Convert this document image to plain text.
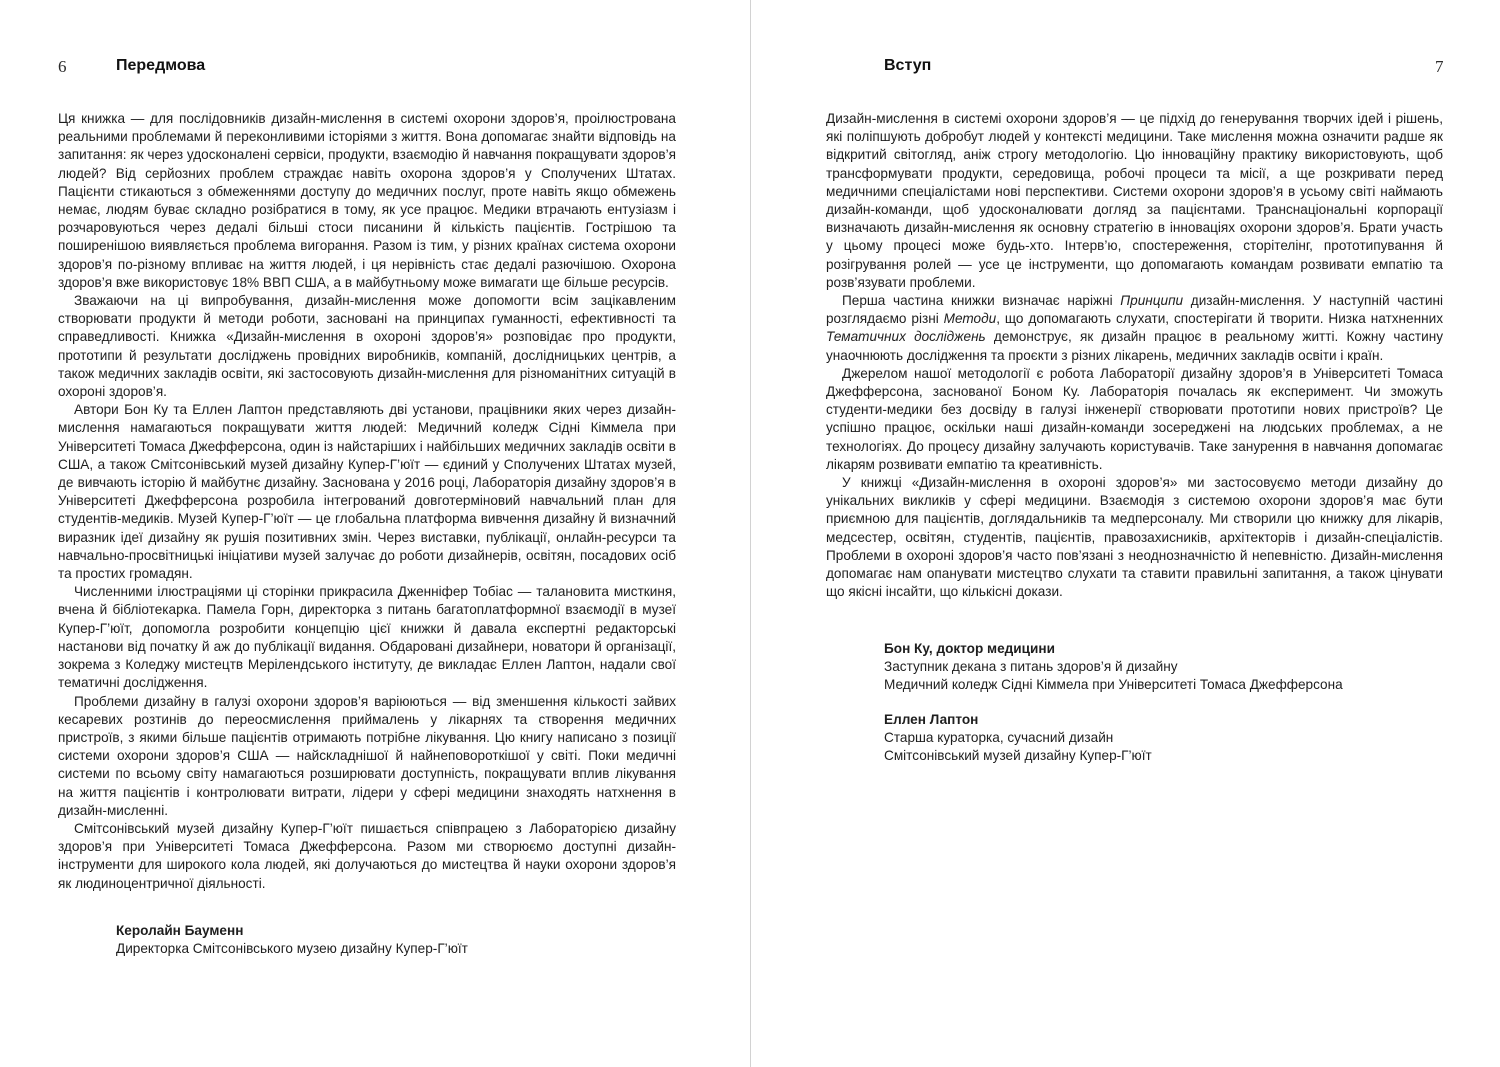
6	Передмова

Ця книжка — для послідовників дизайн-мислення в системі охорони здоров’я, проілюстрована реальними проблемами й переконливими історіями з життя. Вона допомагає знайти відповідь на запитання: як через удосконалені сервіси, продукти, взаємодію й навчання покращувати здоров’я людей? Від серйозних проблем страждає навіть охорона здоров’я у Сполучених Штатах. Пацієнти стикаються з обмеженнями доступу до медичних послуг, проте навіть якщо обмежень немає, людям буває складно розібратися в тому, як усе працює. Медики втрачають ентузіазм і розчаровуються через дедалі більші стоси писанини й кількість пацієнтів. Гострішою та поширенішою виявляється проблема вигорання. Разом із тим, у різних країнах система охорони здоров’я по-різному впливає на життя людей, і ця нерівність стає дедалі разючішою. Охорона здоров’я вже використовує 18% ВВП США, а в майбутньому може вимагати ще більше ресурсів.

Зважаючи на ці випробування, дизайн-мислення може допомогти всім зацікавленим створювати продукти й методи роботи, засновані на принципах гуманності, ефективності та справедливості. Книжка «Дизайн-мислення в охороні здоров’я» розповідає про продукти, прототипи й результати досліджень провідних виробників, компаній, дослідницьких центрів, а також медичних закладів освіти, які застосовують дизайн-мислення для різноманітних ситуацій в охороні здоров’я.

Автори Бон Ку та Еллен Лаптон представляють дві установи, працівники яких через дизайн-мислення намагаються покращувати життя людей: Медичний коледж Сідні Кіммела при Університеті Томаса Джефферсона, один із найстаріших і найбільших медичних закладів освіти в США, а також Смітсонівський музей дизайну Купер-Г’юїт — єдиний у Сполучених Штатах музей, де вивчають історію й майбутнє дизайну. Заснована у 2016 році, Лабораторія дизайну здоров’я в Університеті Джефферсона розробила інтегрований довготерміновий навчальний план для студентів-медиків. Музей Купер-Г’юїт — це глобальна платформа вивчення дизайну й визначний виразник ідеї дизайну як рушія позитивних змін. Через виставки, публікації, онлайн-ресурси та навчально-просвітницькі ініціативи музей залучає до роботи дизайнерів, освітян, посадових осіб та простих громадян.

Численними ілюстраціями ці сторінки прикрасила Дженніфер Тобіас — талановита мисткиня, вчена й бібліотекарка. Памела Горн, директорка з питань багатоплатформної взаємодії в музеї Купер-Г’юїт, допомогла розробити концепцію цієї книжки й давала експертні редакторські настанови від початку й аж до публікації видання. Обдаровані дизайнери, новатори й організації, зокрема з Коледжу мистецтв Мерілендського інституту, де викладає Еллен Лаптон, надали свої тематичні дослідження.

Проблеми дизайну в галузі охорони здоров’я варіюються — від зменшення кількості зайвих кесаревих розтинів до переосмислення приймалень у лікарнях та створення медичних пристроїв, з якими більше пацієнтів отримають потрібне лікування. Цю книгу написано з позиції системи охорони здоров’я США — найскладнішої й найнеповороткішої у світі. Поки медичні системи по всьому світу намагаються розширювати доступність, покращувати вплив лікування на життя пацієнтів і контролювати витрати, лідери у сфері медицини знаходять натхнення в дизайн-мисленні.

Смітсонівський музей дизайну Купер-Г’юїт пишається співпрацею з Лабораторією дизайну здоров’я при Університеті Томаса Джефферсона. Разом ми створюємо доступні дизайн-інструменти для широкого кола людей, які долучаються до мистецтва й науки охорони здоров’я як людиноцентричної діяльності.

Керолайн Бауменн
Директорка Смітсонівського музею дизайну Купер-Г’юїт
Вступ	7

Дизайн-мислення в системі охорони здоров’я — це підхід до генерування творчих ідей і рішень, які поліпшують добробут людей у контексті медицини. Таке мислення можна означити радше як відкритий світогляд, аніж строгу методологію. Цю інноваційну практику використовують, щоб трансформувати продукти, середовища, робочі процеси та місії, а ще розкривати перед медичними спеціалістами нові перспективи. Системи охорони здоров’я в усьому світі наймають дизайн-команди, щоб удосконалювати догляд за пацієнтами. Транснаціональні корпорації визначають дизайн-мислення як основну стратегію в інноваціях охорони здоров’я. Брати участь у цьому процесі може будь-хто. Інтерв’ю, спостереження, сторітелінг, прототипування й розігрування ролей — усе це інструменти, що допомагають командам розвивати емпатію та розв’язувати проблеми.

Перша частина книжки визначає наріжні Принципи дизайн-мислення. У наступній частині розглядаємо різні Методи, що допомагають слухати, спостерігати й творити. Низка натхненних Тематичних досліджень демонструє, як дизайн працює в реальному житті. Кожну частину унаочнюють дослідження та проєкти з різних лікарень, медичних закладів освіти і країн.

Джерелом нашої методології є робота Лабораторії дизайну здоров’я в Університеті Томаса Джефферсона, заснованої Боном Ку. Лабораторія почалась як експеримент. Чи зможуть студенти-медики без досвіду в галузі інженерії створювати прототипи нових пристроїв? Це успішно працює, оскільки наші дизайн-команди зосереджені на людських проблемах, а не технологіях. До процесу дизайну залучають користувачів. Таке занурення в навчання допомагає лікарям розвивати емпатію та креативність.

У книжці «Дизайн-мислення в охороні здоров’я» ми застосовуємо методи дизайну до унікальних викликів у сфері медицини. Взаємодія з системою охорони здоров’я має бути приємною для пацієнтів, доглядальників та медперсоналу. Ми створили цю книжку для лікарів, медсестер, освітян, студентів, пацієнтів, правозахисників, архітекторів і дизайн-спеціалістів. Проблеми в охороні здоров’я часто пов’язані з неоднозначністю й непевністю. Дизайн-мислення допомагає нам опанувати мистецтво слухати та ставити правильні запитання, а також цінувати що якісні інсайти, що кількісні докази.

Бон Ку, доктор медицини
Заступник декана з питань здоров’я й дизайну
Медичний коледж Сідні Кіммела при Університеті Томаса Джефферсона
Еллен Лаптон
Старша кураторка, сучасний дизайн
Смітсонівський музей дизайну Купер-Г’юїт
